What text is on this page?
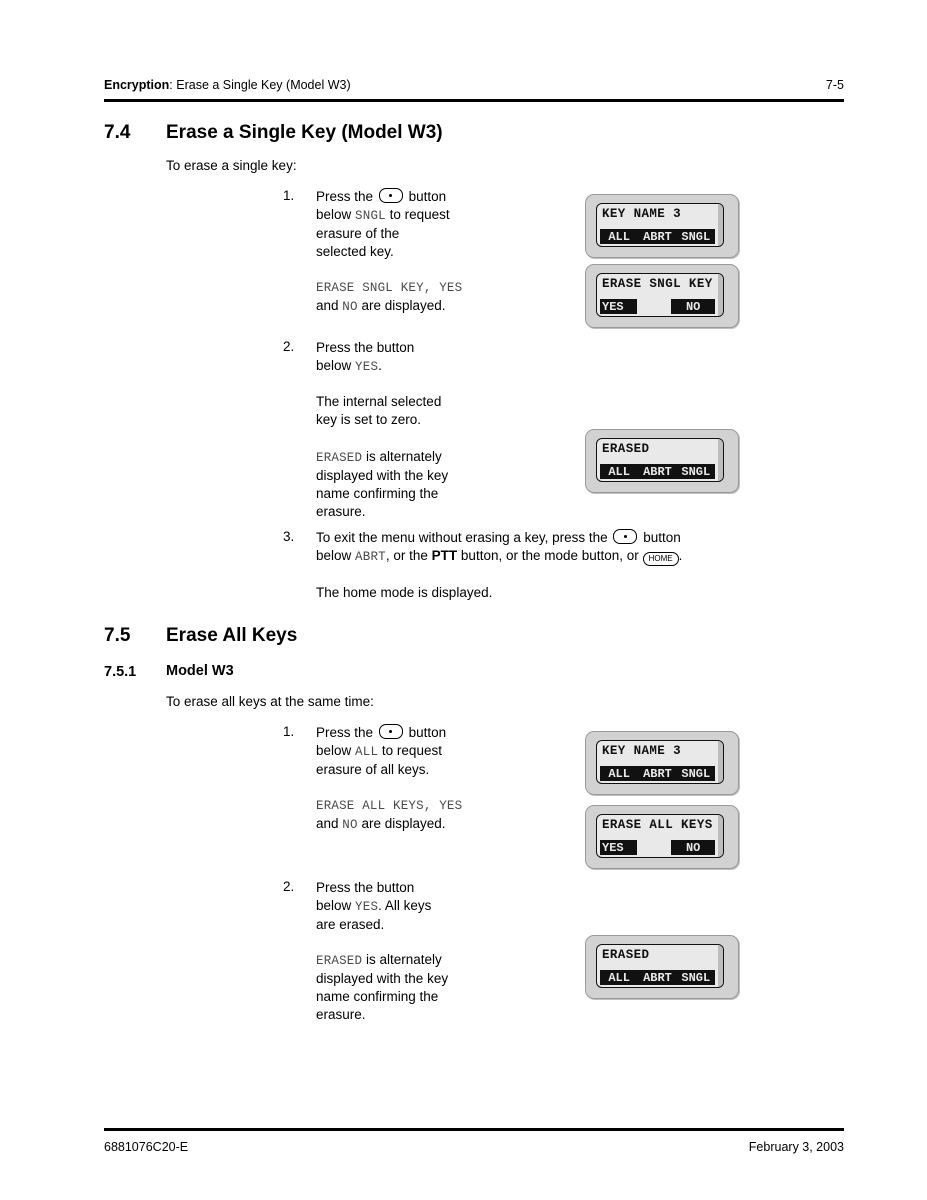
Encryption: Erase a Single Key (Model W3)	7-5
7.4 Erase a Single Key (Model W3)
To erase a single key:
1. Press the	button
below SNGL to request
erasure of the
selected key.
ERASE SNGL KEY, YES
and NO are displayed.
2. Press the button
below YES.
The internal selected
key is set to zero.
ERASED is alternately
displayed with the key
name confirming the
erasure.
3. To exit the menu without erasing a key, press the	button
below ABRT, or the PTT button, or the mode button, or HOME .
The home mode is displayed.
7.5 Erase All Keys
7.5.1 Model W3
To erase all keys at the same time:
1. Press the	button
below ALL to request
erasure of all keys.
ERASE ALL KEYS, YES
and NO are displayed.
2. Press the button
below YES. All keys
are erased.
ERASED is alternately
displayed with the key
name confirming the
erasure.
KEY NAME 3
ALL	ABRT SNGL
ERASE SNGL KEY
YES	NO
ERASED
ALL	ABRT SNGL
KEY NAME 3
ALL	ABRT SNGL
ERASE ALL KEYS
YES	NO
ERASED
ALL	ABRT SNGL
6881076C20-E	February 3, 2003
